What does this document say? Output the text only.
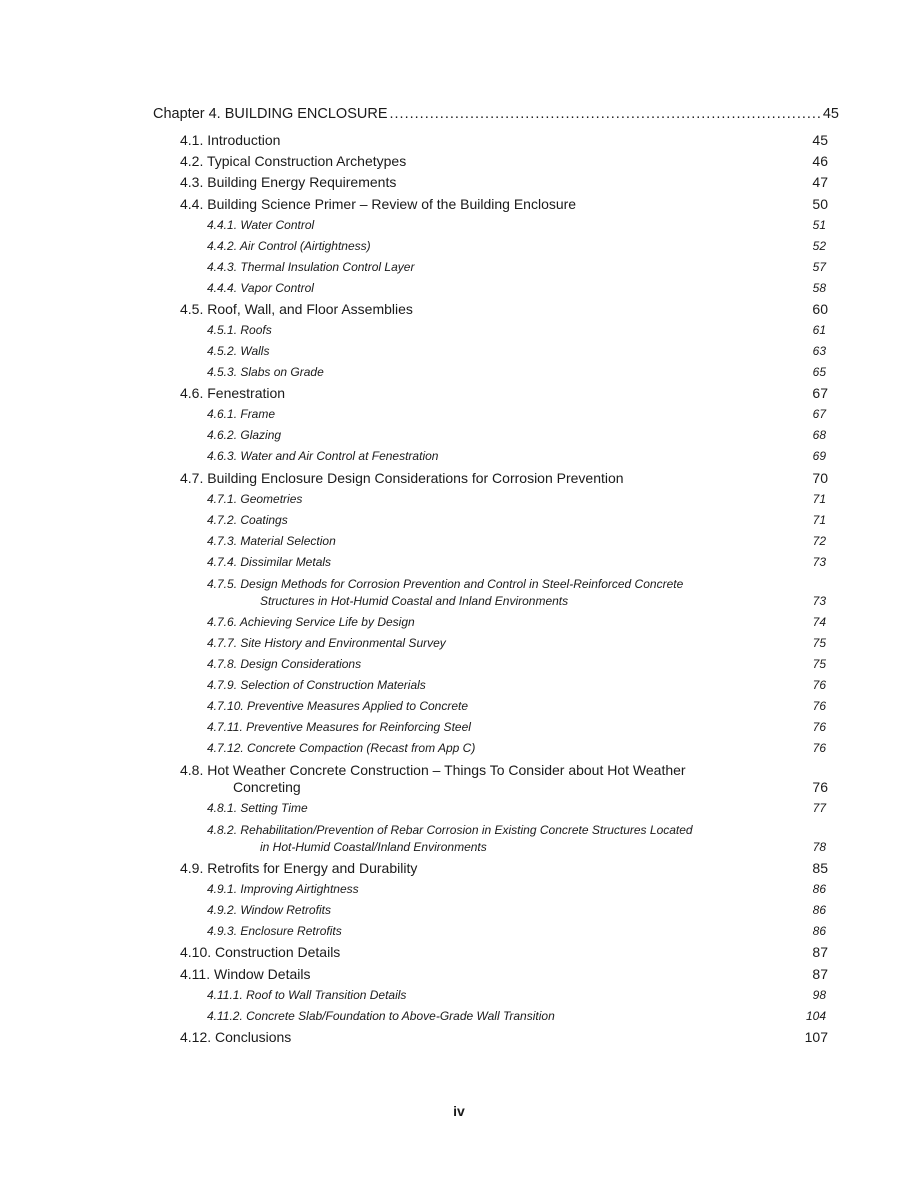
Chapter 4. BUILDING ENCLOSURE .....	45
4.1. Introduction	45
4.2. Typical Construction Archetypes	46
4.3. Building Energy Requirements	47
4.4. Building Science Primer – Review of the Building Enclosure	50
4.4.1. Water Control	51
4.4.2. Air Control (Airtightness)	52
4.4.3. Thermal Insulation Control Layer	57
4.4.4. Vapor Control	58
4.5. Roof, Wall, and Floor Assemblies	60
4.5.1. Roofs	61
4.5.2. Walls	63
4.5.3. Slabs on Grade	65
4.6. Fenestration	67
4.6.1. Frame	67
4.6.2. Glazing	68
4.6.3. Water and Air Control at Fenestration	69
4.7. Building Enclosure Design Considerations for Corrosion Prevention	70
4.7.1. Geometries	71
4.7.2. Coatings	71
4.7.3. Material Selection	72
4.7.4. Dissimilar Metals	73
4.7.5. Design Methods for Corrosion Prevention and Control in Steel-Reinforced Concrete
Structures in Hot-Humid Coastal and Inland Environments	73
4.7.6. Achieving Service Life by Design	74
4.7.7. Site History and Environmental Survey	75
4.7.8. Design Considerations	75
4.7.9. Selection of Construction Materials	76
4.7.10. Preventive Measures Applied to Concrete	76
4.7.11. Preventive Measures for Reinforcing Steel	76
4.7.12. Concrete Compaction (Recast from App C)	76
4.8. Hot Weather Concrete Construction – Things To Consider about Hot Weather
Concreting	76
4.8.1. Setting Time	77
4.8.2. Rehabilitation/Prevention of Rebar Corrosion in Existing Concrete Structures Located
in Hot-Humid Coastal/Inland Environments	78
4.9. Retrofits for Energy and Durability	85
4.9.1. Improving Airtightness	86
4.9.2. Window Retrofits	86
4.9.3. Enclosure Retrofits	86
4.10. Construction Details	87
4.11. Window Details	87
4.11.1. Roof to Wall Transition Details	98
4.11.2. Concrete Slab/Foundation to Above-Grade Wall Transition	104
4.12. Conclusions	107
iv
